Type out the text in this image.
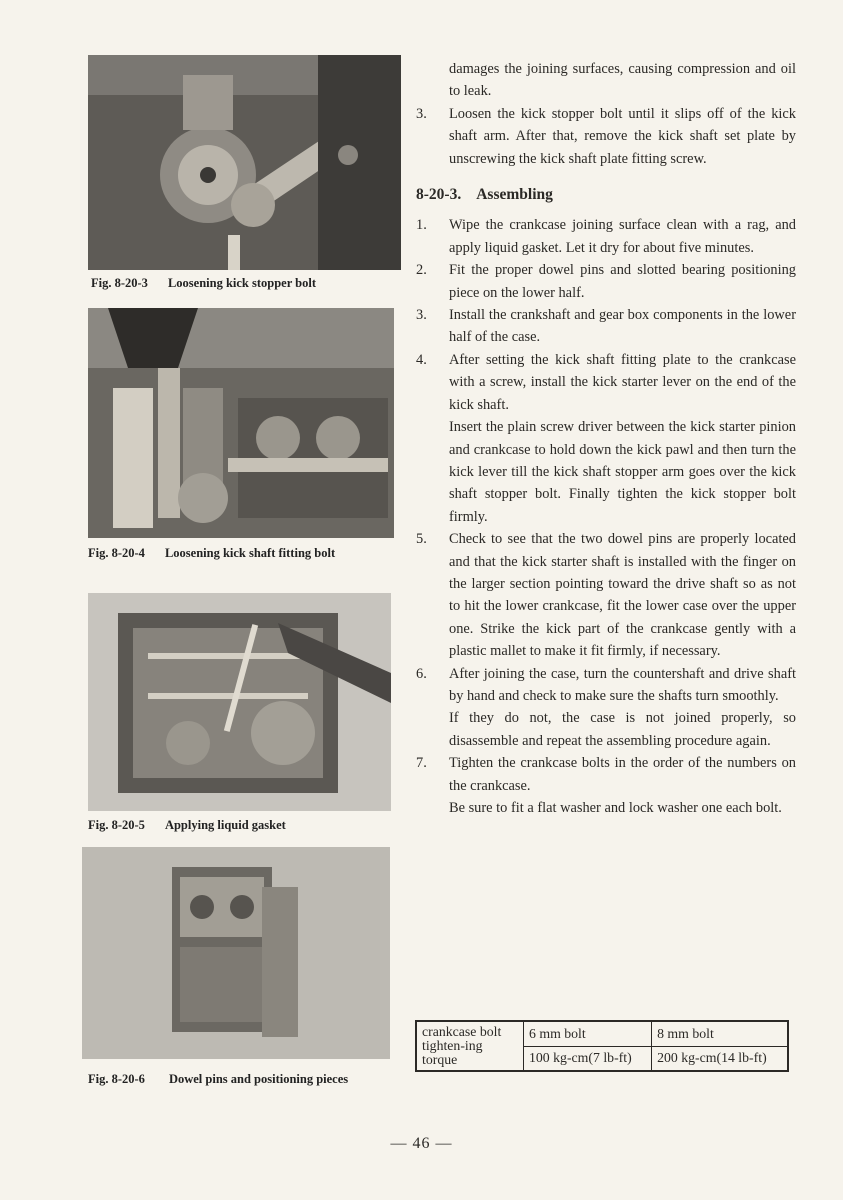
Fig. 8-20-3 Loosening kick stopper bolt
Fig. 8-20-4 Loosening kick shaft fitting bolt
Fig. 8-20-5 Applying liquid gasket
Fig. 8-20-6 Dowel pins and positioning pieces

damages the joining surfaces, causing compression and oil to leak.

3.	Loosen the kick stopper bolt until it slips off of the kick shaft arm. After that, remove the kick shaft set plate by unscrewing the kick shaft plate fitting screw.
8-20-3. Assembling
1.	Wipe the crankcase joining surface clean with a rag, and apply liquid gasket. Let it dry for about five minutes.
2.	Fit the proper dowel pins and slotted bearing positioning piece on the lower half.
3.	Install the crankshaft and gear box components in the lower half of the case.
4.	After setting the kick shaft fitting plate to the crankcase with a screw, install the kick starter lever on the end of the kick shaft.

Insert the plain screw driver between the kick starter pinion and crankcase to hold down the kick pawl and then turn the kick lever till the kick shaft stopper arm goes over the kick shaft stopper bolt. Finally tighten the kick stopper bolt firmly.

5.	Check to see that the two dowel pins are properly located and that the kick starter shaft is installed with the finger on the larger section pointing toward the drive shaft so as not to hit the lower crankcase, fit the lower case over the upper one. Strike the kick part of the crankcase gently with a plastic mallet to make it fit firmly, if necessary.
6.	After joining the case, turn the countershaft and drive shaft by hand and check to make sure the shafts turn smoothly.

If they do not, the case is not joined properly, so disassemble and repeat the assembling procedure again.

7.	Tighten the crankcase bolts in the order of the numbers on the crankcase.

Be sure to fit a flat washer and lock washer one each bolt.

crankcase bolt tighten-ing torque	6 mm bolt	8 mm bolt
	100 kg-cm(7 lb-ft)	200 kg-cm(14 lb-ft)
— 46 —
